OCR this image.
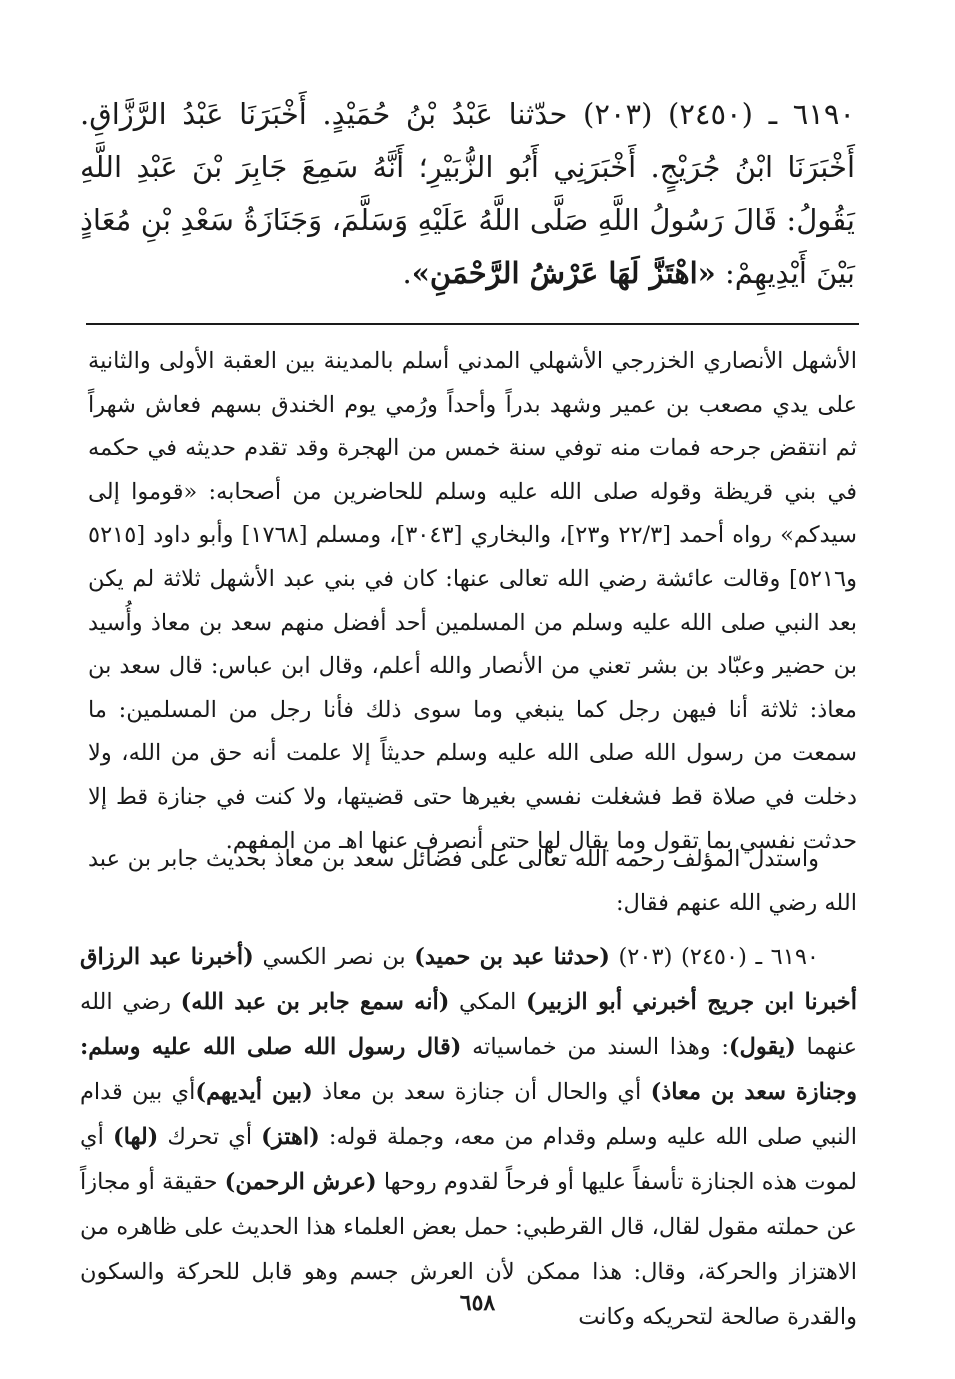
٦١٩٠ ـ (٢٤٥٠) (٢٠٣) حدّثنا عَبْدُ بْنُ حُمَيْدٍ. أَخْبَرَنَا عَبْدُ الرَّزَّاقِ. أَخْبَرَنَا ابْنُ جُرَيْجٍ. أَخْبَرَنِي أَبُو الزُّبَيْرِ؛ أَنَّهُ سَمِعَ جَابِرَ بْنَ عَبْدِ اللَّهِ يَقُولُ: قَالَ رَسُولُ اللَّهِ صَلَّى اللَّهُ عَلَيْهِ وَسَلَّمَ، وَجَنَازَةُ سَعْدِ بْنِ مُعَاذٍ بَيْنَ أَيْدِيهِمْ: «اهْتَزَّ لَهَا عَرْشُ الرَّحْمَنِ».
الأشهل الأنصاري الخزرجي الأشهلي المدني أسلم بالمدينة بين العقبة الأولى والثانية على يدي مصعب بن عمير وشهد بدراً وأحداً ورُمي يوم الخندق بسهم فعاش شهراً ثم انتقض جرحه فمات منه توفي سنة خمس من الهجرة وقد تقدم حديثه في حكمه في بني قريظة وقوله صلى الله عليه وسلم للحاضرين من أصحابه: «قوموا إلى سيدكم» رواه أحمد [٢٢/٣ و٢٣]، والبخاري [٣٠٤٣]، ومسلم [١٧٦٨] وأبو داود [٥٢١٥ و٥٢١٦] وقالت عائشة رضي الله تعالى عنها: كان في بني عبد الأشهل ثلاثة لم يكن بعد النبي صلى الله عليه وسلم من المسلمين أحد أفضل منهم سعد بن معاذ وأُسيد بن حضير وعبّاد بن بشر تعني من الأنصار والله أعلم، وقال ابن عباس: قال سعد بن معاذ: ثلاثة أنا فيهن رجل كما ينبغي وما سوى ذلك فأنا رجل من المسلمين: ما سمعت من رسول الله صلى الله عليه وسلم حديثاً إلا علمت أنه حق من الله، ولا دخلت في صلاة قط فشغلت نفسي بغيرها حتى قضيتها، ولا كنت في جنازة قط إلا حدثت نفسي بما تقول وما يقال لها حتى أنصرف عنها اهـ من المفهم.
واستدل المؤلف رحمه الله تعالى على فضائل سعد بن معاذ بحديث جابر بن عبد الله رضي الله عنهم فقال:
٦١٩٠ ـ (٢٤٥٠) (٢٠٣) (حدثنا عبد بن حميد) بن نصر الكسي (أخبرنا عبد الرزاق أخبرنا ابن جريج أخبرني أبو الزبير) المكي (أنه سمع جابر بن عبد الله) رضي الله عنهما (يقول): وهذا السند من خماسياته (قال رسول الله صلى الله عليه وسلم: وجنازة سعد بن معاذ) أي والحال أن جنازة سعد بن معاذ (بين أيديهم)أي بين قدام النبي صلى الله عليه وسلم وقدام من معه، وجملة قوله: (اهتز) أي تحرك (لها) أي لموت هذه الجنازة تأسفاً عليها أو فرحاً لقدوم روحها (عرش الرحمن) حقيقة أو مجازاً عن حملته مقول لقال، قال القرطبي: حمل بعض العلماء هذا الحديث على ظاهره من الاهتزاز والحركة، وقال: هذا ممكن لأن العرش جسم وهو قابل للحركة والسكون والقدرة صالحة لتحريكه وكانت
٦٥٨
